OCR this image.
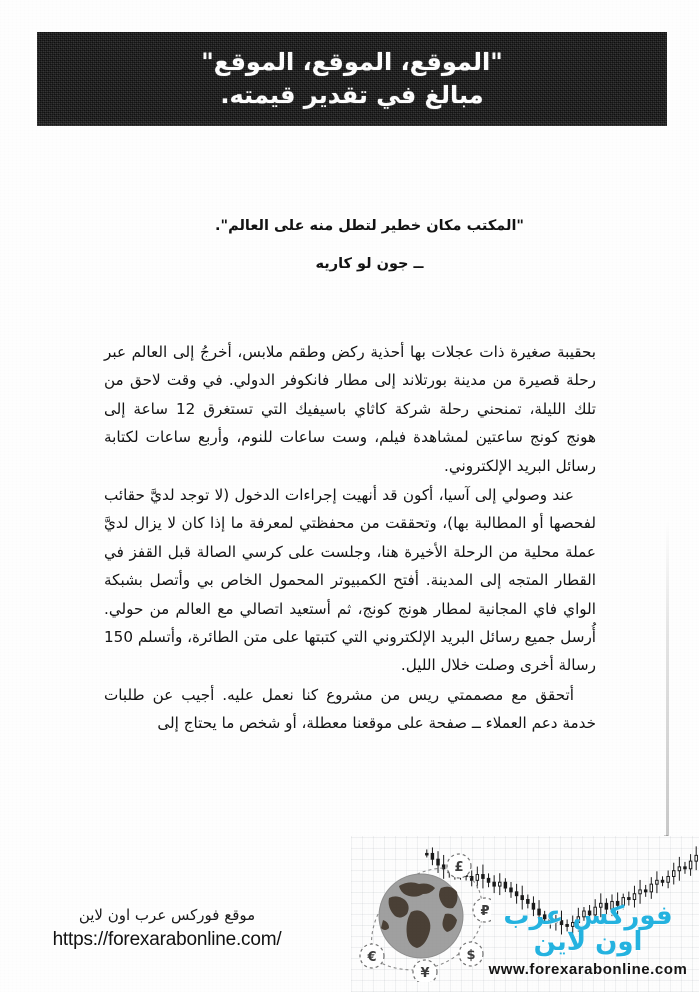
"الموقع، الموقع، الموقع"
مبالغ في تقدير قيمته.
"المكتب مكان خطير لتطل منه على العالم".
ــ جون لو كاريه

بحقيبة صغيرة ذات عجلات بها أحذية ركض وطقم ملابس، أخرجُ إلى العالم عبر رحلة قصيرة من مدينة بورتلاند إلى مطار فانكوفر الدولي. في وقت لاحق من تلك الليلة، تمنحني رحلة شركة كاثاي باسيفيك التي تستغرق 12 ساعة إلى هونج كونج ساعتين لمشاهدة فيلم، وست ساعات للنوم، وأربع ساعات لكتابة رسائل البريد الإلكتروني.

عند وصولي إلى آسيا، أكون قد أنهيت إجراءات الدخول (لا توجد لديَّ حقائب لفحصها أو المطالبة بها)، وتحققت من محفظتي لمعرفة ما إذا كان لا يزال لديَّ عملة محلية من الرحلة الأخيرة هنا، وجلست على كرسي الصالة قبل القفز في القطار المتجه إلى المدينة. أفتح الكمبيوتر المحمول الخاص بي وأتصل بشبكة الواي فاي المجانية لمطار هونج كونج، ثم أستعيد اتصالي مع العالم من حولي. أُرسل جميع رسائل البريد الإلكتروني التي كتبتها على متن الطائرة، وأتسلم 150 رسالة أخرى وصلت خلال الليل.

أتحقق مع مصممتي ريس من مشروع كنا نعمل عليه. أجيب عن طلبات خدمة دعم العملاء ــ صفحة على موقعنا معطلة، أو شخص ما يحتاج إلى

موقع فوركس عرب اون لاين
https://forexarabonline.com/
£
₽
$
¥
€
فوركس عرب اون لاين
www.forexarabonline.com
